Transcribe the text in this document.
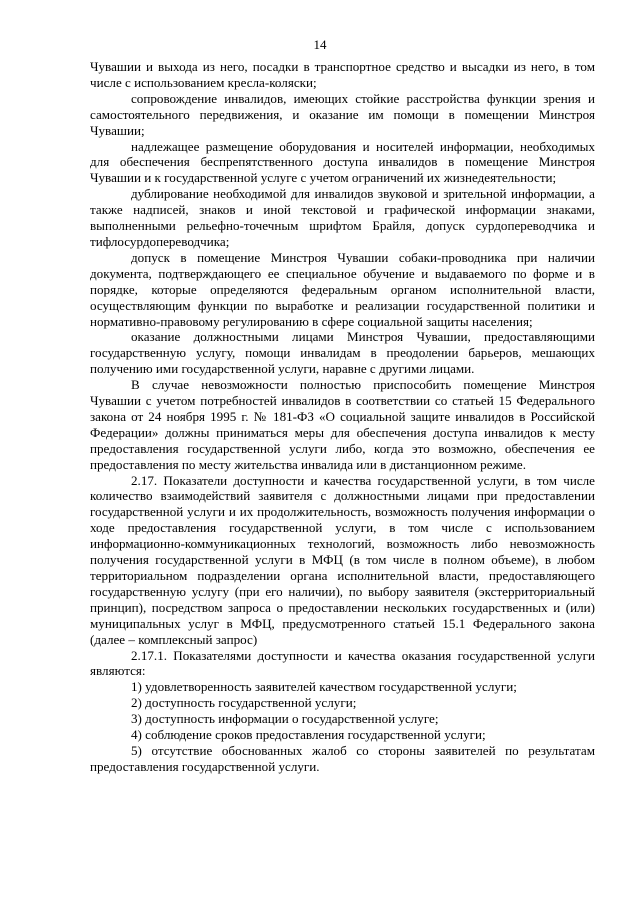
14

Чувашии и выхода из него, посадки в транспортное средство и высадки из него, в том числе с использованием кресла-коляски;

сопровождение инвалидов, имеющих стойкие расстройства функции зрения и самостоятельного передвижения, и оказание им помощи в помещении Минстроя Чувашии;

надлежащее размещение оборудования и носителей информации, необходимых для обеспечения беспрепятственного доступа инвалидов в помещение Минстроя Чувашии и к государственной услуге с учетом ограничений их жизнедеятельности;

дублирование необходимой для инвалидов звуковой и зрительной информации, а также надписей, знаков и иной текстовой и графической информации знаками, выполненными рельефно-точечным шрифтом Брайля, допуск сурдопереводчика и тифлосурдопереводчика;

допуск в помещение Минстроя Чувашии собаки-проводника при наличии документа, подтверждающего ее специальное обучение и выдаваемого по форме и в порядке, которые определяются федеральным органом исполнительной власти, осуществляющим функции по выработке и реализации государственной политики и нормативно-правовому регулированию в сфере социальной защиты населения;

оказание должностными лицами Минстроя Чувашии, предоставляющими государственную услугу, помощи инвалидам в преодолении барьеров, мешающих получению ими государственной услуги, наравне с другими лицами.

В случае невозможности полностью приспособить помещение Минстроя Чувашии с учетом потребностей инвалидов в соответствии со статьей 15 Федерального закона от 24 ноября 1995 г. № 181-ФЗ «О социальной защите инвалидов в Российской Федерации» должны приниматься меры для обеспечения доступа инвалидов к месту предоставления государственной услуги либо, когда это возможно, обеспечения ее предоставления по месту жительства инвалида или в дистанционном режиме.

2.17. Показатели доступности и качества государственной услуги, в том числе количество взаимодействий заявителя с должностными лицами при предоставлении государственной услуги и их продолжительность, возможность получения информации о ходе предоставления государственной услуги, в том числе с использованием информационно-коммуникационных технологий, возможность либо невозможность получения государственной услуги в МФЦ (в том числе в полном объеме), в любом территориальном подразделении органа исполнительной власти, предоставляющего государственную услугу (при его наличии), по выбору заявителя (экстерриториальный принцип), посредством запроса о предоставлении нескольких государственных и (или) муниципальных услуг в МФЦ, предусмотренного статьей 15.1 Федерального закона (далее – комплексный запрос)

2.17.1. Показателями доступности и качества оказания государственной услуги являются:

1) удовлетворенность заявителей качеством государственной услуги;

2) доступность государственной услуги;

3) доступность информации о государственной услуге;

4) соблюдение сроков предоставления государственной услуги;

5) отсутствие обоснованных жалоб со стороны заявителей по результатам предоставления государственной услуги.
